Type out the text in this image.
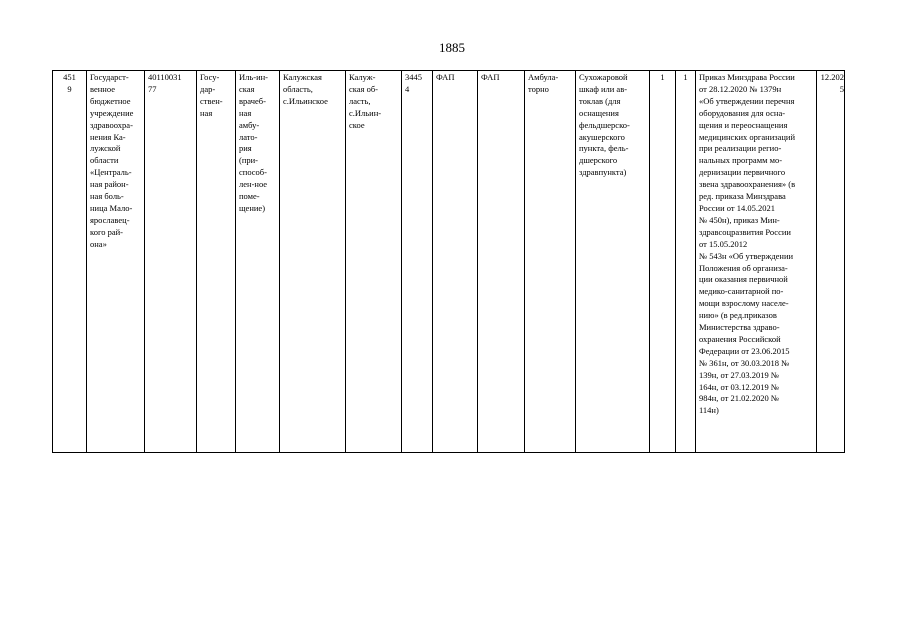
1885
451
9	Государст-
венное
бюджетное
учреждение
здравоохра-
нения Ка-
лужской
области
«Централь-
ная район-
ная боль-
ница Мало-
ярославец-
кого рай-
она»	40110031
77	Госу-
дар-
ствен-
ная	Иль-ин-
ская
врачеб-
ная
амбу-
лато-
рия
(при-
способ-
лен-ное
поме-
щение)	Калужская
область,
с.Ильинское	Калуж-
ская об-
ласть,
с.Ильин-
ское	3445
4	ФАП	ФАП	Амбула-
торно	Сухожаровой
шкаф или ав-
токлав (для
оснащения
фельдшерско-
акушерского
пункта, фель-
дшерского
здравпункта)	1	1	Приказ Минздрава России
от 28.12.2020 № 1379н
«Об утверждении перечня
оборудования для осна-
щения и переоснащения
медицинских организаций
при реализации регио-
нальных программ мо-
дернизации первичного
звена здравоохранения» (в
ред. приказа Минздрава
России от 14.05.2021
№ 450н), приказ Мин-
здравсоцразвития России
от 15.05.2012
№ 543н «Об утверждении
Положения об организа-
ции оказания первичной
медико-санитарной по-
мощи взрослому населе-
нию» (в ред.приказов
Министерства здраво-
охранения Российской
Федерации от 23.06.2015
№ 361н, от 30.03.2018 №
139н, от 27.03.2019 №
164н, от 03.12.2019 №
984н, от 21.02.2020 №
114н)	12.2025
